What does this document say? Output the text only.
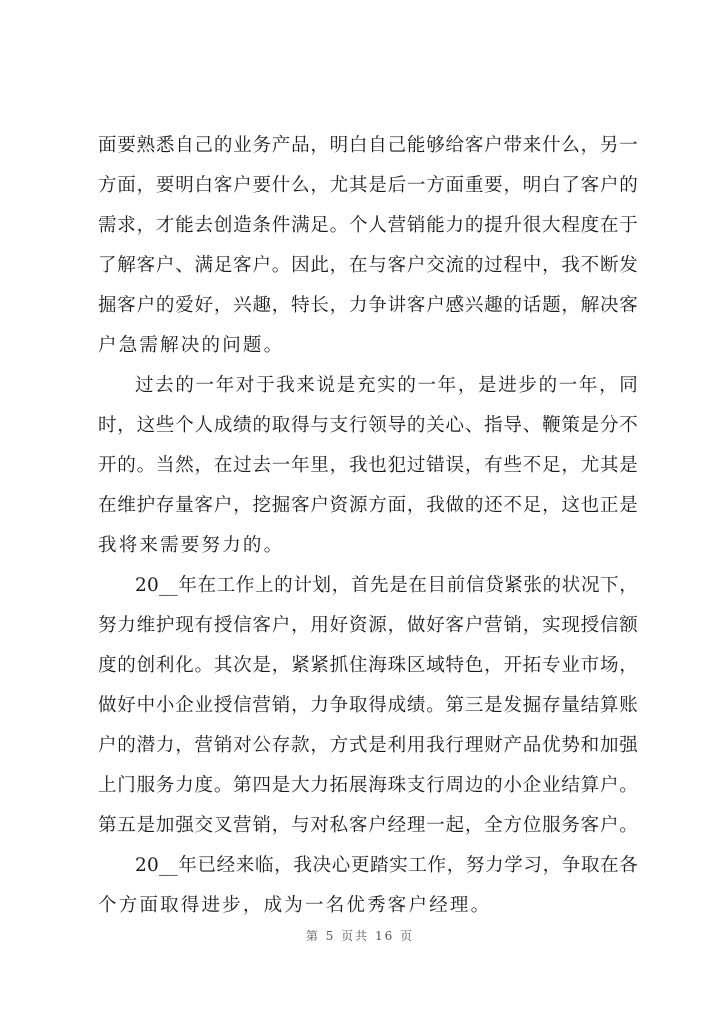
面要熟悉自己的业务产品，明白自己能够给客户带来什么，另一
方面，要明白客户要什么，尤其是后一方面重要，明白了客户的
需求，才能去创造条件满足。个人营销能力的提升很大程度在于
了解客户、满足客户。因此，在与客户交流的过程中，我不断发
掘客户的爱好，兴趣，特长，力争讲客户感兴趣的话题，解决客
户急需解决的问题。
过去的一年对于我来说是充实的一年，是进步的一年，同
时，这些个人成绩的取得与支行领导的关心、指导、鞭策是分不
开的。当然，在过去一年里，我也犯过错误，有些不足，尤其是
在维护存量客户，挖掘客户资源方面，我做的还不足，这也正是
我将来需要努力的。
20__年在工作上的计划，首先是在目前信贷紧张的状况下，
努力维护现有授信客户，用好资源，做好客户营销，实现授信额
度的创利化。其次是，紧紧抓住海珠区域特色，开拓专业市场，
做好中小企业授信营销，力争取得成绩。第三是发掘存量结算账
户的潜力，营销对公存款，方式是利用我行理财产品优势和加强
上门服务力度。第四是大力拓展海珠支行周边的小企业结算户。
第五是加强交叉营销，与对私客户经理一起，全方位服务客户。
20__年已经来临，我决心更踏实工作，努力学习，争取在各
个方面取得进步，成为一名优秀客户经理。
第 5 页共 16 页
